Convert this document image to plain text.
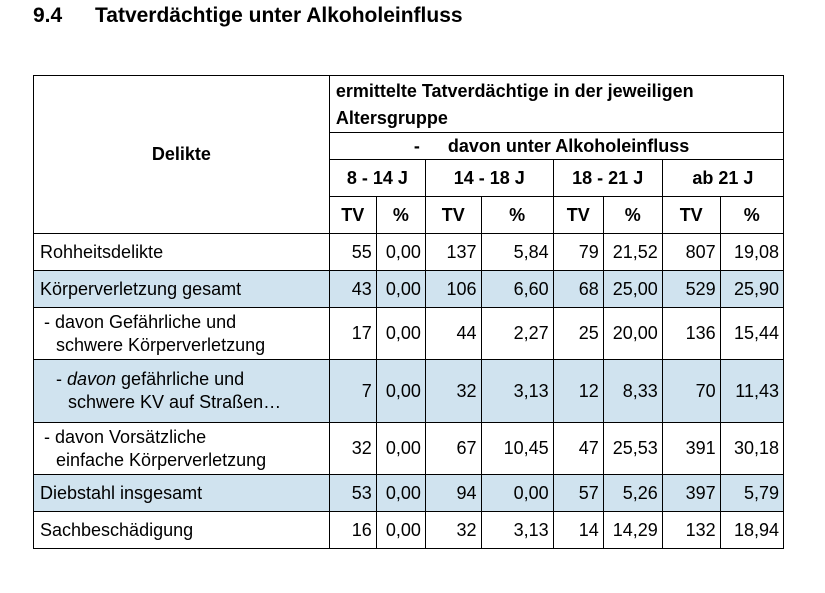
9.4 Tatverdächtige unter Alkoholeinfluss
Delikte	ermittelte Tatverdächtige in der jeweiligen Altersgruppe							
	- davon unter Alkoholeinfluss							
	8 - 14 J		14 - 18 J		18 - 21 J		ab 21 J	
	TV	%	TV	%	TV	%	TV	%
Rohheitsdelikte	55	0,00	137	5,84	79	21,52	807	19,08
Körperverletzung gesamt	43	0,00	106	6,60	68	25,00	529	25,90

- davon Gefährliche und
schwere Körperverletzung	17	0,00	44	2,27	25	20,00	136	15,44

- davon gefährliche und
schwere KV auf Straßen…	7	0,00	32	3,13	12	8,33	70	11,43

- davon Vorsätzliche
einfache Körperverletzung	32	0,00	67	10,45	47	25,53	391	30,18
Diebstahl insgesamt	53	0,00	94	0,00	57	5,26	397	5,79
Sachbeschädigung	16	0,00	32	3,13	14	14,29	132	18,94
